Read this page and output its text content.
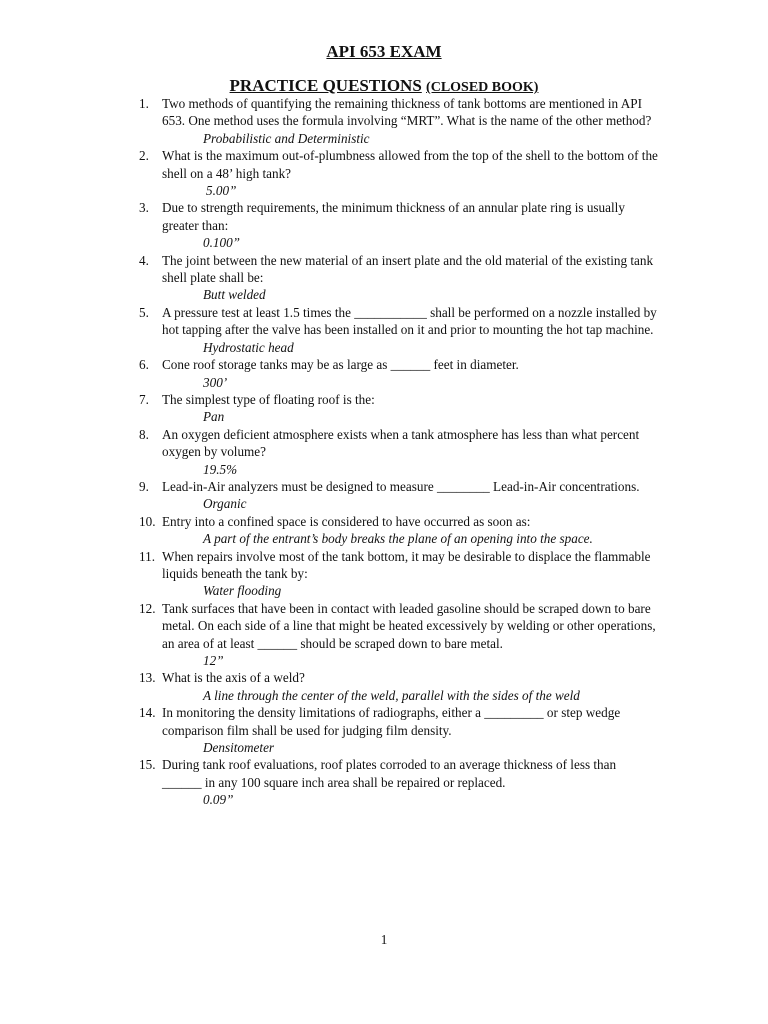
API 653 EXAM
PRACTICE QUESTIONS (CLOSED BOOK)
1. Two methods of quantifying the remaining thickness of tank bottoms are mentioned in API 653. One method uses the formula involving “MRT”. What is the name of the other method?
Probabilistic and Deterministic
2. What is the maximum out-of-plumbness allowed from the top of the shell to the bottom of the shell on a 48’ high tank?
5.00”
3. Due to strength requirements, the minimum thickness of an annular plate ring is usually greater than:
0.100”
4. The joint between the new material of an insert plate and the old material of the existing tank shell plate shall be:
Butt welded
5. A pressure test at least 1.5 times the ___________ shall be performed on a nozzle installed by hot tapping after the valve has been installed on it and prior to mounting the hot tap machine.
Hydrostatic head
6. Cone roof storage tanks may be as large as ______ feet in diameter.
300’
7. The simplest type of floating roof is the:
Pan
8. An oxygen deficient atmosphere exists when a tank atmosphere has less than what percent oxygen by volume?
19.5%
9. Lead-in-Air analyzers must be designed to measure ________ Lead-in-Air concentrations.
Organic
10. Entry into a confined space is considered to have occurred as soon as:
A part of the entrant’s body breaks the plane of an opening into the space.
11. When repairs involve most of the tank bottom, it may be desirable to displace the flammable liquids beneath the tank by:
Water flooding
12. Tank surfaces that have been in contact with leaded gasoline should be scraped down to bare metal. On each side of a line that might be heated excessively by welding or other operations, an area of at least ______ should be scraped down to bare metal.
12”
13. What is the axis of a weld?
A line through the center of the weld, parallel with the sides of the weld
14. In monitoring the density limitations of radiographs, either a _________ or step wedge comparison film shall be used for judging film density.
Densitometer
15. During tank roof evaluations, roof plates corroded to an average thickness of less than ______ in any 100 square inch area shall be repaired or replaced.
0.09”
1
